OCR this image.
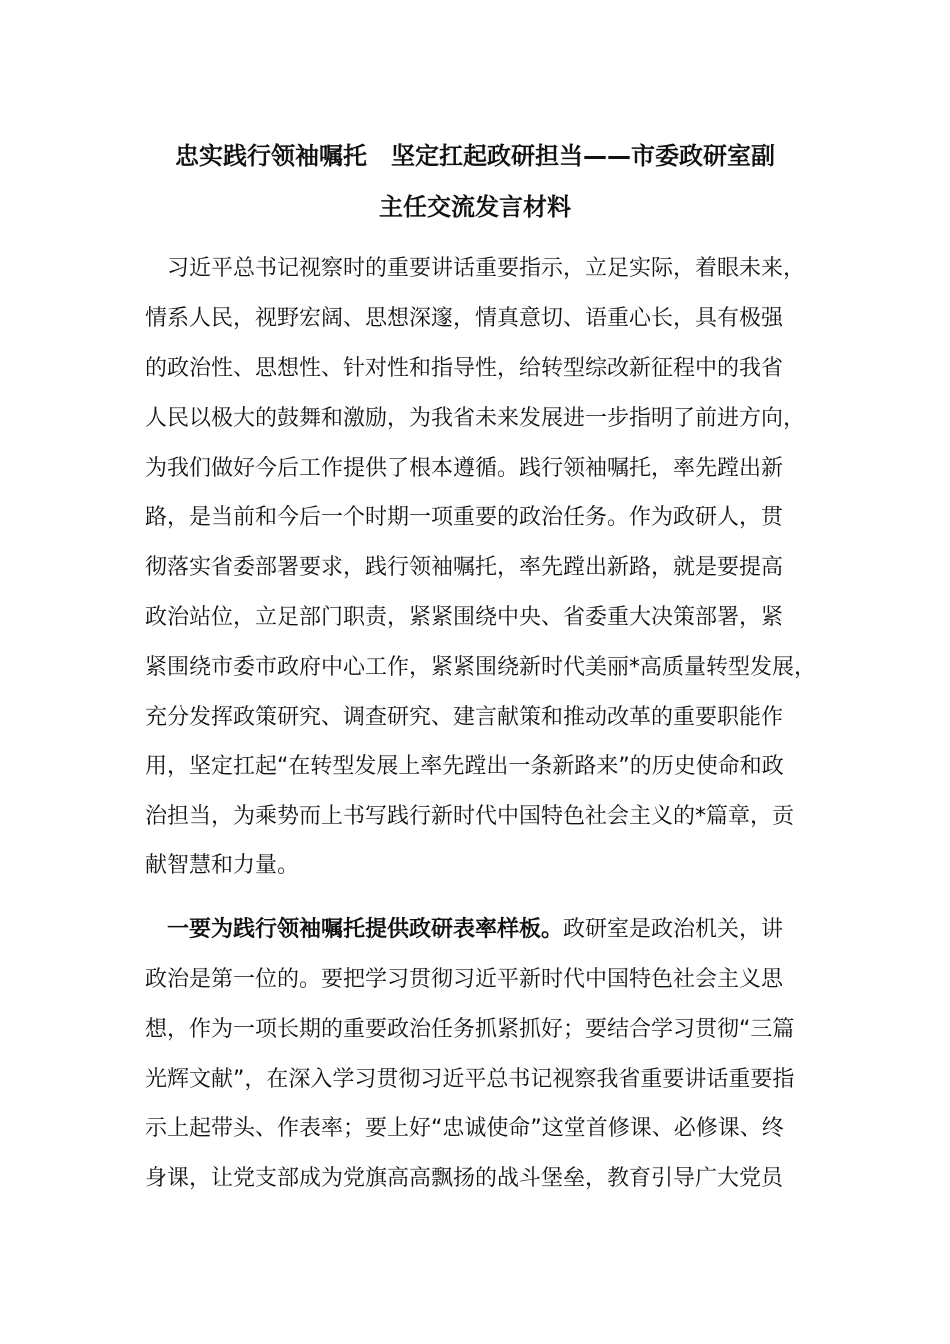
忠实践行领袖嘱托　坚定扛起政研担当——市委政研室副
主任交流发言材料
　习近平总书记视察时的重要讲话重要指示，立足实际，着眼未来，
情系人民，视野宏阔、思想深邃，情真意切、语重心长，具有极强
的政治性、思想性、针对性和指导性，给转型综改新征程中的我省
人民以极大的鼓舞和激励，为我省未来发展进一步指明了前进方向，
为我们做好今后工作提供了根本遵循。践行领袖嘱托，率先蹚出新
路，是当前和今后一个时期一项重要的政治任务。作为政研人，贯
彻落实省委部署要求，践行领袖嘱托，率先蹚出新路，就是要提高
政治站位，立足部门职责，紧紧围绕中央、省委重大决策部署，紧
紧围绕市委市政府中心工作，紧紧围绕新时代美丽*高质量转型发展，
充分发挥政策研究、调查研究、建言献策和推动改革的重要职能作
用，坚定扛起“在转型发展上率先蹚出一条新路来”的历史使命和政
治担当，为乘势而上书写践行新时代中国特色社会主义的*篇章，贡
献智慧和力量。
　一要为践行领袖嘱托提供政研表率样板。政研室是政治机关，讲
政治是第一位的。要把学习贯彻习近平新时代中国特色社会主义思
想，作为一项长期的重要政治任务抓紧抓好；要结合学习贯彻“三篇
光辉文献”，在深入学习贯彻习近平总书记视察我省重要讲话重要指
示上起带头、作表率；要上好“忠诚使命”这堂首修课、必修课、终
身课，让党支部成为党旗高高飘扬的战斗堡垒，教育引导广大党员
